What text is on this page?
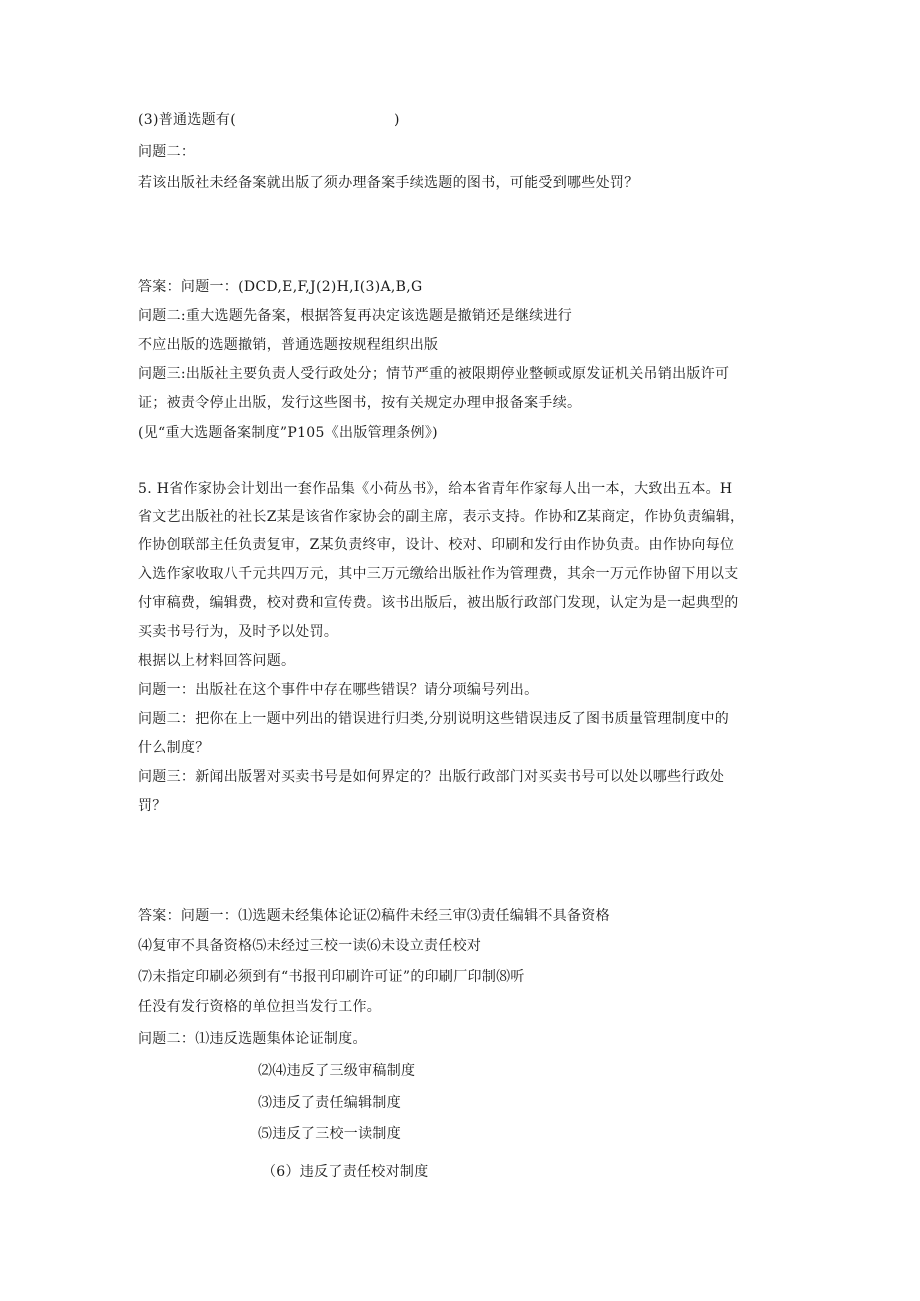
(3)普通选题有(	)
问题二：
若该出版社未经备案就出版了须办理备案手续选题的图书，可能受到哪些处罚？
答案：问题一：(DCD,E,F,J(2)H,I(3)A,B,G
问题二:重大选题先备案，根据答复再决定该选题是撤销还是继续进行
不应出版的选题撤销，普通选题按规程组织出版
问题三:出版社主要负责人受行政处分；情节严重的被限期停业整顿或原发证机关吊销出版许可
证；被责令停止出版，发行这些图书，按有关规定办理申报备案手续。
(见“重大选题备案制度”P105《出版管理条例》)
5. H省作家协会计划出一套作品集《小荷丛书》，给本省青年作家每人出一本，大致出五本。H
省文艺出版社的社长Z某是该省作家协会的副主席，表示支持。作协和Z某商定，作协负责编辑，
作协创联部主任负责复审，Z某负责终审，设计、校对、印刷和发行由作协负责。由作协向每位
入选作家收取八千元共四万元，其中三万元缴给出版社作为管理费，其余一万元作协留下用以支
付审稿费，编辑费，校对费和宣传费。该书出版后，被出版行政部门发现，认定为是一起典型的
买卖书号行为，及时予以处罚。
根据以上材料回答问题。
问题一：出版社在这个事件中存在哪些错误？请分项编号列出。
问题二：把你在上一题中列出的错误进行归类,分别说明这些错误违反了图书质量管理制度中的
什么制度？
问题三：新闻出版署对买卖书号是如何界定的？出版行政部门对买卖书号可以处以哪些行政处
罚？
答案：问题一：⑴选题未经集体论证⑵稿件未经三审⑶责任编辑不具备资格
⑷复审不具备资格⑸未经过三校一读⑹未设立责任校对
⑺未指定印刷必须到有“书报刊印刷许可证”的印刷厂印制⑻听
任没有发行资格的单位担当发行工作。
问题二：⑴违反选题集体论证制度。
⑵⑷违反了三级审稿制度
⑶违反了责任编辑制度
⑸违反了三校一读制度
（6）违反了责任校对制度
